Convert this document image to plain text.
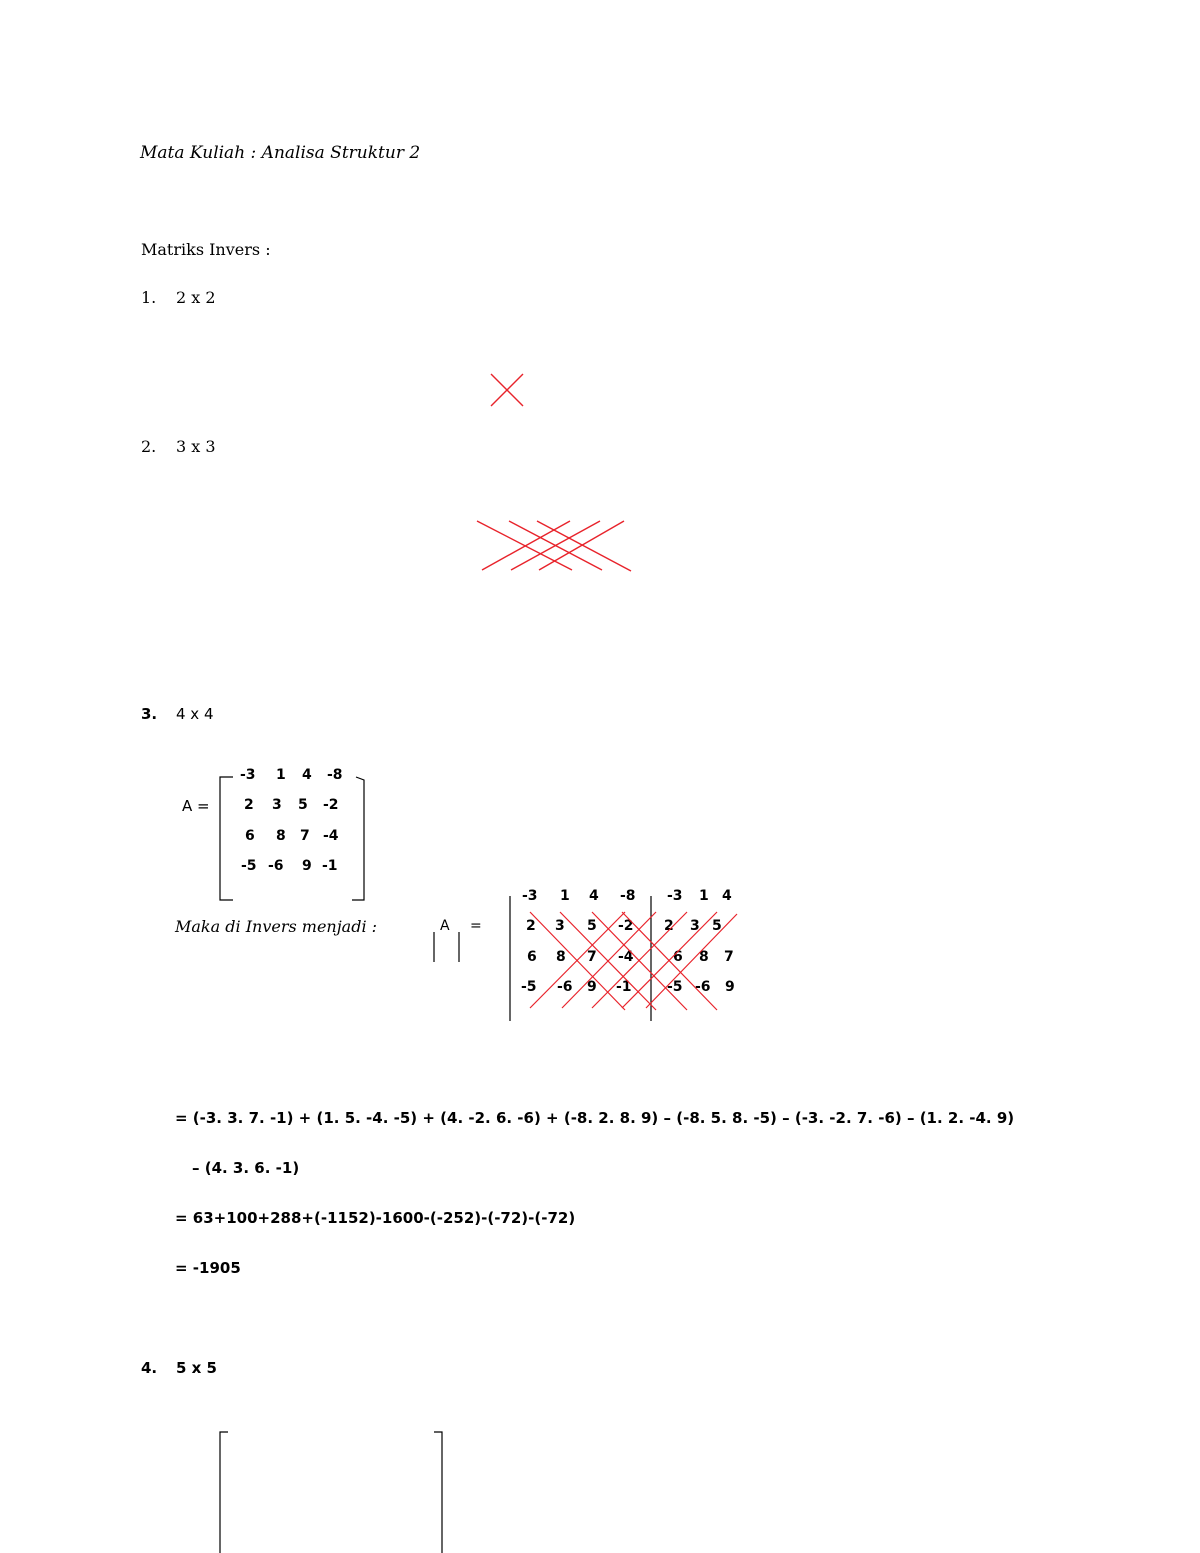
Mata Kuliah : Analisa Struktur 2
Matriks Invers :
1. 2 x 2
2. 3 x 3
3. 4 x 4
A =
-3 1 4 -8
2 3 5 -2
6 8 7 -4
-5 -6 9 -1
Maka di Invers menjadi :	A =
-3 1 4 -8 -3 1 4
2 3 5 -2 2 3 5
6 8 7 -4	6 8 7
-5 -6 9 -1	-5 -6 9
= (-3. 3. 7. -1) + (1. 5. -4. -5) + (4. -2. 6. -6) + (-8. 2. 8. 9) – (-8. 5. 8. -5) – (-3. -2. 7. -6) – (1. 2. -4. 9)
– (4. 3. 6. -1)
= 63+100+288+(-1152)-1600-(-252)-(-72)-(-72)
= -1905
4. 5 x 5
